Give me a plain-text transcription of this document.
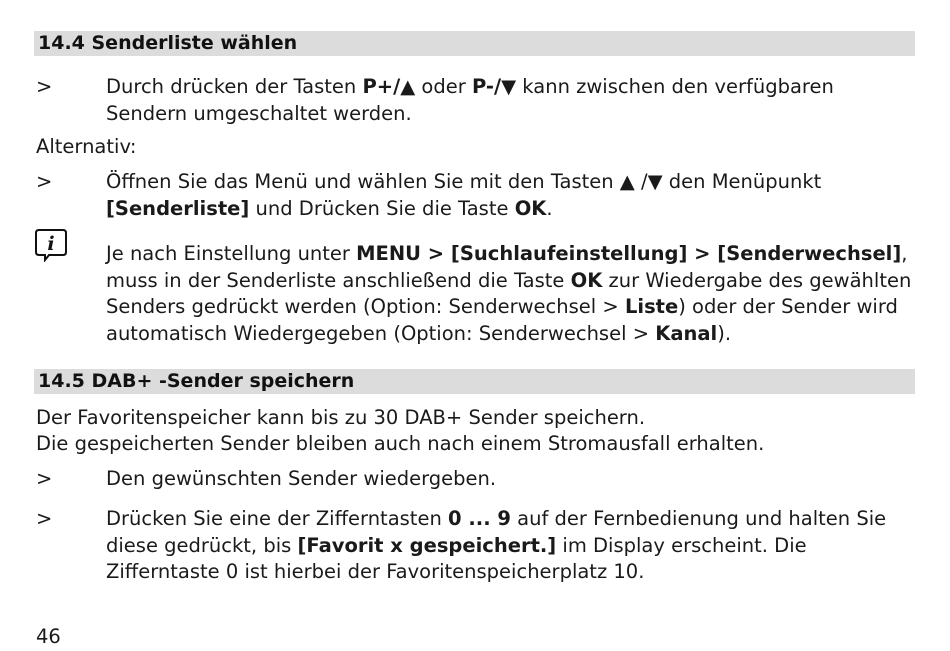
14.4 Senderliste wählen
>	Durch drücken der Tasten P+/▲ oder P-/▼ kann zwischen den verfügbaren Sendern umgeschaltet werden.
Alternativ:
>	Öffnen Sie das Menü und wählen Sie mit den Tasten ▲ /▼ den Menüpunkt [Senderliste] und Drücken Sie die Taste OK.
i	Je nach Einstellung unter MENU > [Suchlaufeinstellung] > [Senderwechsel], muss in der Senderliste anschließend die Taste OK zur Wiedergabe des gewählten Senders gedrückt werden (Option: Senderwechsel > Liste) oder der Sender wird automatisch Wiedergegeben (Option: Senderwechsel > Kanal).
14.5 DAB+ -Sender speichern
Der Favoritenspeicher kann bis zu 30 DAB+ Sender speichern.
Die gespeicherten Sender bleiben auch nach einem Stromausfall erhalten.
>	Den gewünschten Sender wiedergeben.
>	Drücken Sie eine der Zifferntasten 0 ... 9 auf der Fernbedienung und halten Sie diese gedrückt, bis [Favorit x gespeichert.] im Display erscheint. Die Zifferntaste 0 ist hierbei der Favoritenspeicherplatz 10.
46
